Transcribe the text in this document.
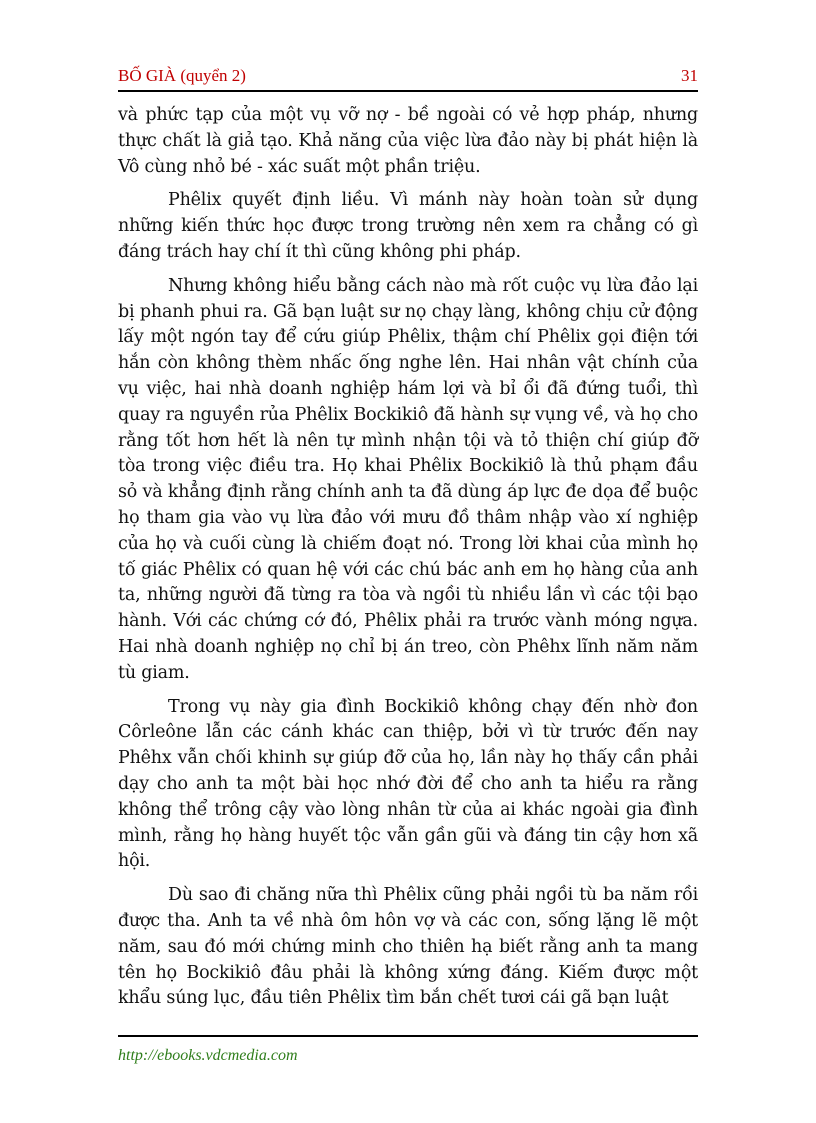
BỐ GIÀ (quyển 2)	31

và phức tạp của một vụ vỡ nợ - bề ngoài có vẻ hợp pháp, nhưng thực chất là giả tạo. Khả năng của việc lừa đảo này bị phát hiện là Vô cùng nhỏ bé - xác suất một phần triệu.

Phêlix quyết định liều. Vì mánh này hoàn toàn sử dụng những kiến thức học được trong trường nên xem ra chẳng có gì đáng trách hay chí ít thì cũng không phi pháp.

Nhưng không hiểu bằng cách nào mà rốt cuộc vụ lừa đảo lại bị phanh phui ra. Gã bạn luật sư nọ chạy làng, không chịu cử động lấy một ngón tay để cứu giúp Phêlix, thậm chí Phêlix gọi điện tới hắn còn không thèm nhấc ống nghe lên. Hai nhân vật chính của vụ việc, hai nhà doanh nghiệp hám lợi và bỉ ổi đã đứng tuổi, thì quay ra nguyền rủa Phêlix Bockikiô đã hành sự vụng về, và họ cho rằng tốt hơn hết là nên tự mình nhận tội và tỏ thiện chí giúp đỡ tòa trong việc điều tra. Họ khai Phêlix Bockikiô là thủ phạm đầu sỏ và khẳng định rằng chính anh ta đã dùng áp lực đe dọa để buộc họ tham gia vào vụ lừa đảo với mưu đồ thâm nhập vào xí nghiệp của họ và cuối cùng là chiếm đoạt nó. Trong lời khai của mình họ tố giác Phêlix có quan hệ với các chú bác anh em họ hàng của anh ta, những người đã từng ra tòa và ngồi tù nhiều lần vì các tội bạo hành. Với các chứng cớ đó, Phêlix phải ra trước vành móng ngựa. Hai nhà doanh nghiệp nọ chỉ bị án treo, còn Phêhx lĩnh năm năm tù giam.

Trong vụ này gia đình Bockikiô không chạy đến nhờ đon Côrleône lẫn các cánh khác can thiệp, bởi vì từ trước đến nay Phêhx vẫn chối khinh sự giúp đỡ của họ, lần này họ thấy cần phải dạy cho anh ta một bài học nhớ đời để cho anh ta hiểu ra rằng không thể trông cậy vào lòng nhân từ của ai khác ngoài gia đình mình, rằng họ hàng huyết tộc vẫn gần gũi và đáng tin cậy hơn xã hội.

Dù sao đi chăng nữa thì Phêlix cũng phải ngồi tù ba năm rồi được tha. Anh ta về nhà ôm hôn vợ và các con, sống lặng lẽ một năm, sau đó mới chứng minh cho thiên hạ biết rằng anh ta mang tên họ Bockikiô đâu phải là không xứng đáng. Kiếm được một khẩu súng lục, đầu tiên Phêlix tìm bắn chết tươi cái gã bạn luật

http://ebooks.vdcmedia.com
